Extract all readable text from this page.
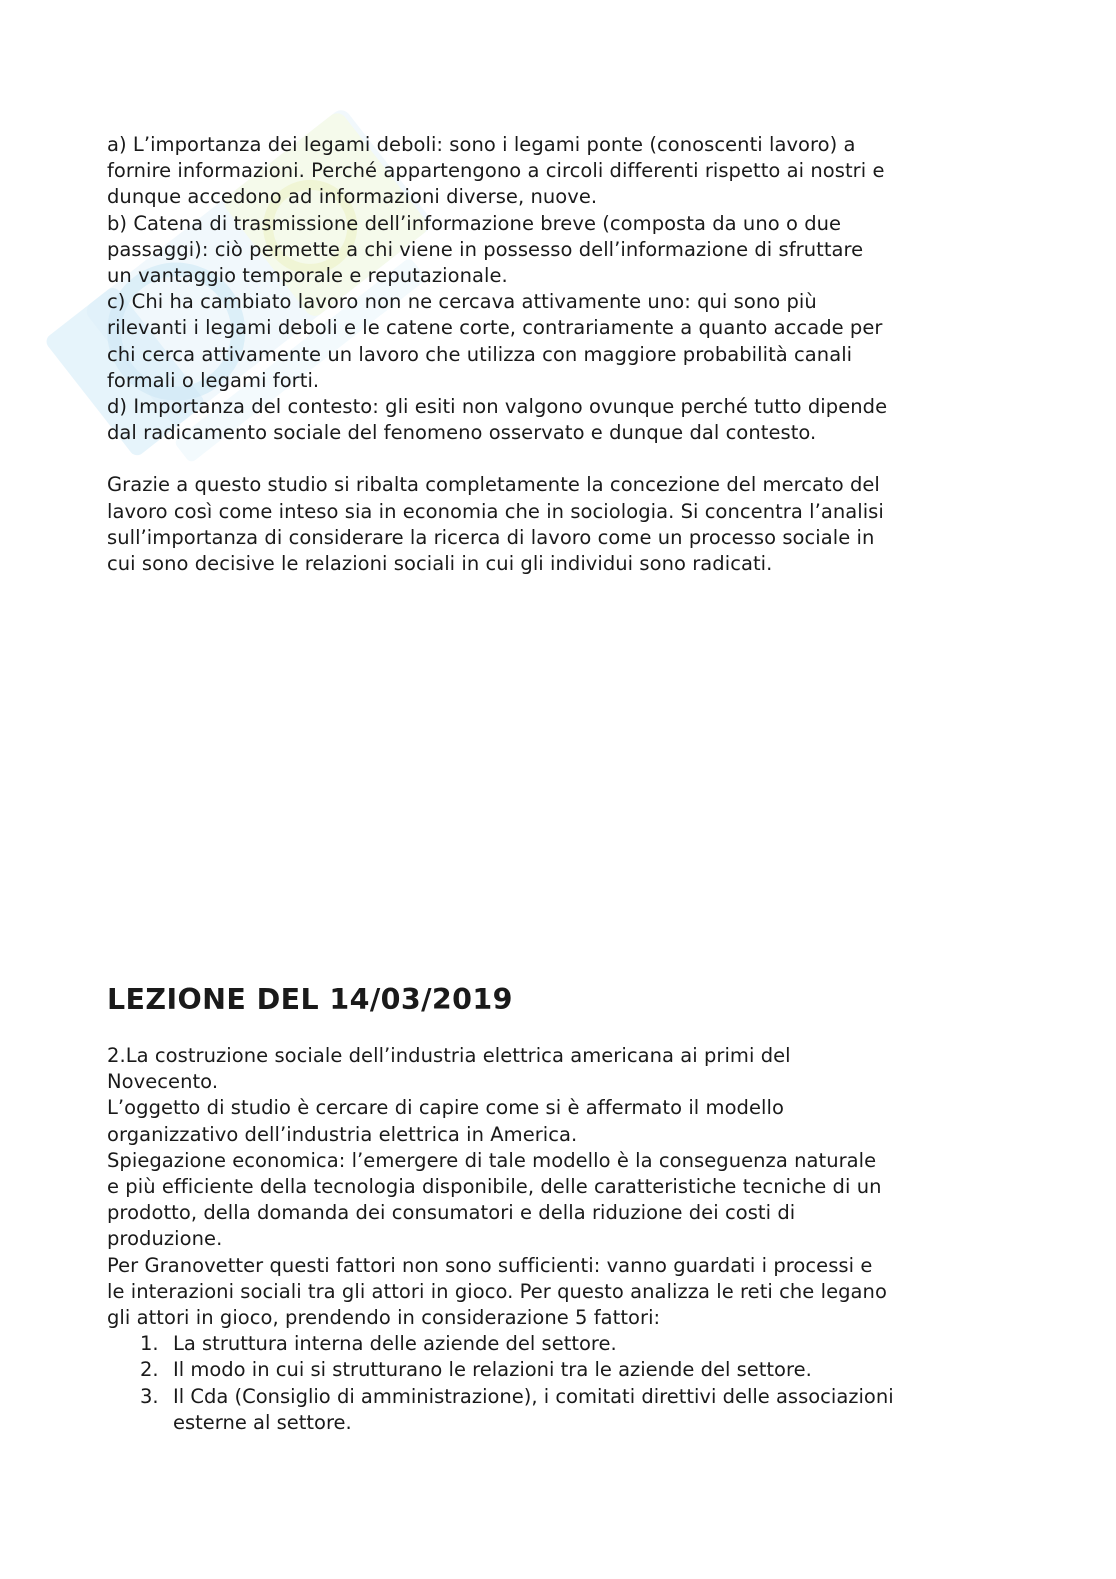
a) L’importanza dei legami deboli: sono i legami ponte (conoscenti lavoro) a
fornire informazioni. Perché appartengono a circoli differenti rispetto ai nostri e
dunque accedono ad informazioni diverse, nuove.
b) Catena di trasmissione dell’informazione breve (composta da uno o due
passaggi): ciò permette a chi viene in possesso dell’informazione di sfruttare
un vantaggio temporale e reputazionale.
c) Chi ha cambiato lavoro non ne cercava attivamente uno: qui sono più
rilevanti i legami deboli e le catene corte, contrariamente a quanto accade per
chi cerca attivamente un lavoro che utilizza con maggiore probabilità canali
formali o legami forti.
d) Importanza del contesto: gli esiti non valgono ovunque perché tutto dipende
dal radicamento sociale del fenomeno osservato e dunque dal contesto.

Grazie a questo studio si ribalta completamente la concezione del mercato del
lavoro così come inteso sia in economia che in sociologia. Si concentra l’analisi
sull’importanza di considerare la ricerca di lavoro come un processo sociale in
cui sono decisive le relazioni sociali in cui gli individui sono radicati.

LEZIONE DEL 14/03/2019

2.La costruzione sociale dell’industria elettrica americana ai primi del
Novecento.
L’oggetto di studio è cercare di capire come si è affermato il modello
organizzativo dell’industria elettrica in America.
Spiegazione economica: l’emergere di tale modello è la conseguenza naturale
e più efficiente della tecnologia disponibile, delle caratteristiche tecniche di un
prodotto, della domanda dei consumatori e della riduzione dei costi di
produzione.
Per Granovetter questi fattori non sono sufficienti: vanno guardati i processi e
le interazioni sociali tra gli attori in gioco. Per questo analizza le reti che legano
gli attori in gioco, prendendo in considerazione 5 fattori:

1. La struttura interna delle aziende del settore.
2. Il modo in cui si strutturano le relazioni tra le aziende del settore.
3. Il Cda (Consiglio di amministrazione), i comitati direttivi delle associazioni
esterne al settore.
